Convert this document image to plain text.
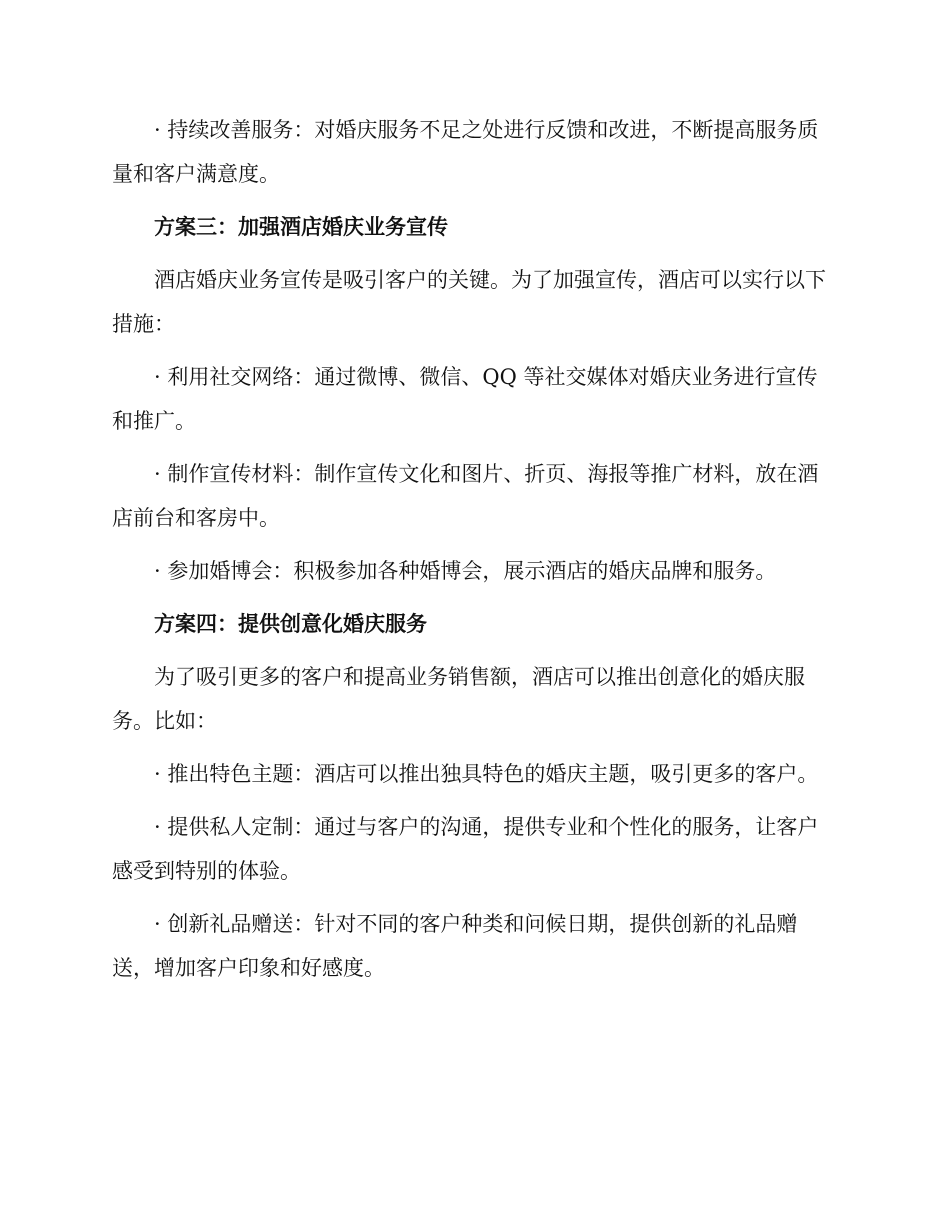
· 持续改善服务：对婚庆服务不足之处进行反馈和改进，不断提高服务质量和客户满意度。

方案三：加强酒店婚庆业务宣传

酒店婚庆业务宣传是吸引客户的关键。为了加强宣传，酒店可以实行以下措施：

· 利用社交网络：通过微博、微信、QQ 等社交媒体对婚庆业务进行宣传和推广。

· 制作宣传材料：制作宣传文化和图片、折页、海报等推广材料，放在酒店前台和客房中。

· 参加婚博会：积极参加各种婚博会，展示酒店的婚庆品牌和服务。

方案四：提供创意化婚庆服务

为了吸引更多的客户和提高业务销售额，酒店可以推出创意化的婚庆服务。比如：

· 推出特色主题：酒店可以推出独具特色的婚庆主题，吸引更多的客户。

· 提供私人定制：通过与客户的沟通，提供专业和个性化的服务，让客户感受到特别的体验。

· 创新礼品赠送：针对不同的客户种类和问候日期，提供创新的礼品赠送，增加客户印象和好感度。
